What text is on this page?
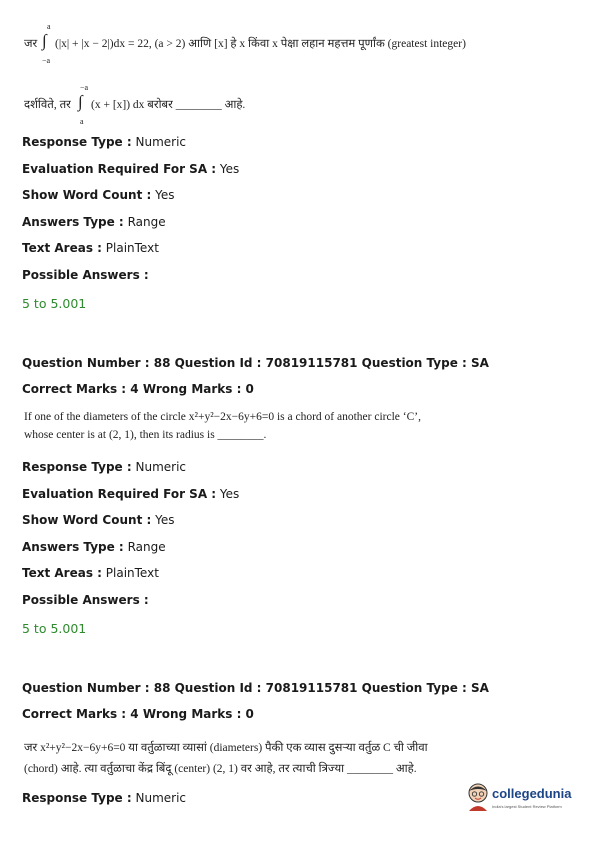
जर
a
∫
−a
(|x| + |x − 2|)dx = 22, (a > 2) आणि [x] हे x किंवा x पेक्षा लहान महत्तम पूर्णांक (greatest integer)
दर्शविते, तर
−a
∫
a
(x + [x]) dx बरोबर ________ आहे.
Response Type : Numeric
Evaluation Required For SA : Yes
Show Word Count : Yes
Answers Type : Range
Text Areas : PlainText
Possible Answers :
5 to 5.001
Question Number : 88 Question Id : 70819115781 Question Type : SA
Correct Marks : 4 Wrong Marks : 0
If one of the diameters of the circle x²+y²−2x−6y+6=0 is a chord of another circle ‘C’,
whose center is at (2, 1), then its radius is ________.
Response Type : Numeric
Evaluation Required For SA : Yes
Show Word Count : Yes
Answers Type : Range
Text Areas : PlainText
Possible Answers :
5 to 5.001
Question Number : 88 Question Id : 70819115781 Question Type : SA
Correct Marks : 4 Wrong Marks : 0
जर x²+y²−2x−6y+6=0 या वर्तुळाच्या व्यासां (diameters) पैकी एक व्यास दुसऱ्या वर्तुळ C ची जीवा
(chord) आहे. त्या वर्तुळाचा केंद्र बिंदू (center) (2, 1) वर आहे, तर त्याची त्रिज्या ________ आहे.
Response Type : Numeric	collegedunia
India's largest Student Review Platform
